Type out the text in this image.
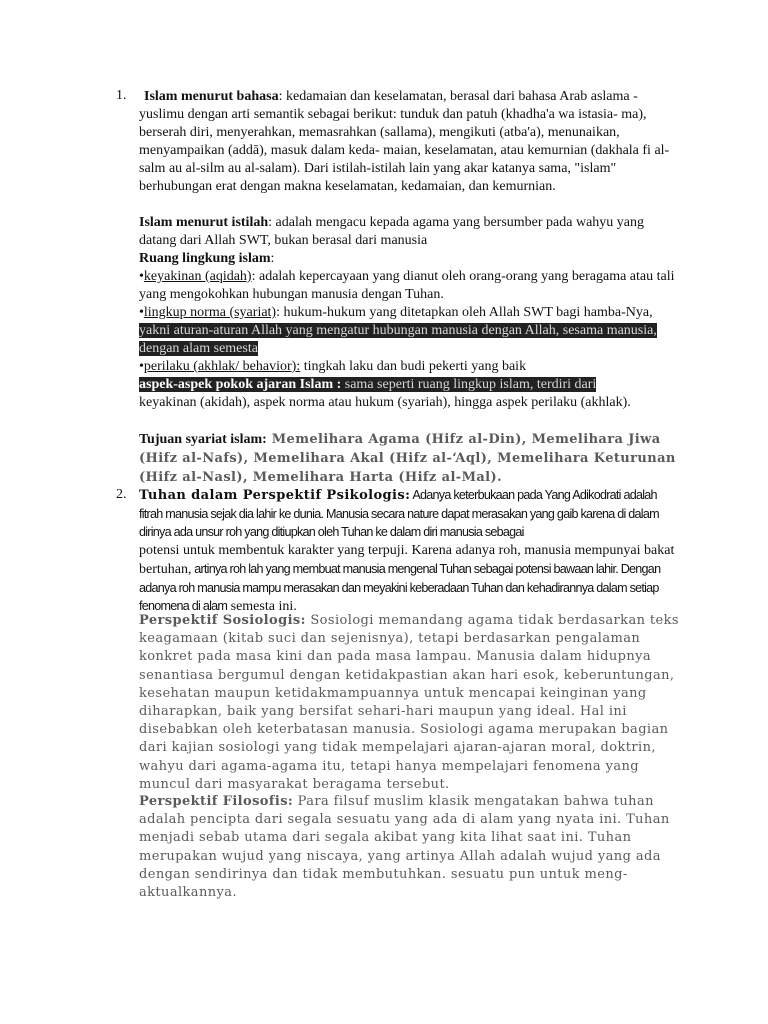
1.	Islam menurut bahasa: kedamaian dan keselamatan, berasal dari bahasa Arab aslama - yuslimu dengan arti semantik sebagai berikut: tunduk dan patuh (khadha'a wa istasia- ma), berserah diri, menyerahkan, memasrahkan (sallama), mengikuti (atba'a), menunaikan, menyampaikan (addā), masuk dalam keda- maian, keselamatan, atau kemurnian (dakhala fi al-salm au al-silm au al-salam). Dari istilah-istilah lain yang akar katanya sama, "islam" berhubungan erat dengan makna keselamatan, kedamaian, dan kemurnian.
Islam menurut istilah: adalah mengacu kepada agama yang bersumber pada wahyu yang datang dari Allah SWT, bukan berasal dari manusia
Ruang lingkung islam:
•keyakinan (aqidah): adalah kepercayaan yang dianut oleh orang-orang yang beragama atau tali yang mengokohkan hubungan manusia dengan Tuhan.
•lingkup norma (syariat): hukum-hukum yang ditetapkan oleh Allah SWT bagi hamba-Nya, yakni aturan-aturan Allah yang mengatur hubungan manusia dengan Allah, sesama manusia, dengan alam semesta
•perilaku (akhlak/ behavior): tingkah laku dan budi pekerti yang baik
aspek-aspek pokok ajaran Islam : sama seperti ruang lingkup islam, terdiri dari
keyakinan (akidah), aspek norma atau hukum (syariah), hingga aspek perilaku (akhlak).
Tujuan syariat islam: Memelihara Agama (Hifz al-Din), Memelihara Jiwa (Hifz al-Nafs), Memelihara Akal (Hifz al-‘Aql), Memelihara Keturunan (Hifz al-Nasl), Memelihara Harta (Hifz al-Mal).
2. Tuhan dalam Perspektif Psikologis: Adanya keterbukaan pada Yang Adikodrati adalah fitrah manusia sejak dia lahir ke dunia. Manusia secara nature dapat merasakan yang gaib karena di dalam dirinya ada unsur roh yang ditiupkan oleh Tuhan ke dalam diri manusia sebagai
potensi untuk membentuk karakter yang terpuji. Karena adanya roh, manusia mempunyai bakat bertuhan, artinya roh lah yang membuat manusia mengenal Tuhan sebagai potensi bawaan lahir. Dengan adanya roh manusia mampu merasakan dan meyakini keberadaan Tuhan dan kehadirannya dalam setiap fenomena di alam semesta ini.
Perspektif Sosiologis: Sosiologi memandang agama tidak berdasarkan teks keagamaan (kitab suci dan sejenisnya), tetapi berdasarkan pengalaman konkret pada masa kini dan pada masa lampau. Manusia dalam hidupnya senantiasa bergumul dengan ketidakpastian akan hari esok, keberuntungan, kesehatan maupun ketidakmampuannya untuk mencapai keinginan yang diharapkan, baik yang bersifat sehari-hari maupun yang ideal. Hal ini disebabkan oleh keterbatasan manusia. Sosiologi agama merupakan bagian dari kajian sosiologi yang tidak mempelajari ajaran-ajaran moral, doktrin, wahyu dari agama-agama itu, tetapi hanya mempelajari fenomena yang muncul dari masyarakat beragama tersebut.
Perspektif Filosofis: Para filsuf muslim klasik mengatakan bahwa tuhan adalah pencipta dari segala sesuatu yang ada di alam yang nyata ini. Tuhan menjadi sebab utama dari segala akibat yang kita lihat saat ini. Tuhan merupakan wujud yang niscaya, yang artinya Allah adalah wujud yang ada dengan sendirinya dan tidak membutuhkan. sesuatu pun untuk meng-aktualkannya.
